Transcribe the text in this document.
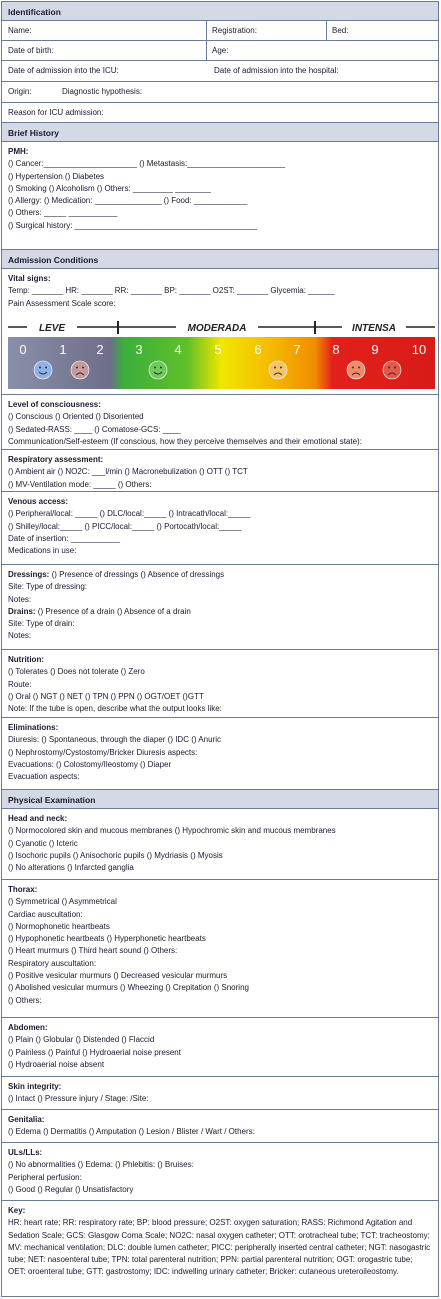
Identification
Name:	Registration:	Bed:
Date of birth:	Age:
Date of admission into the ICU:	Date of admission into the hospital:
Origin:	Diagnostic hypothesis:
Reason for ICU admission:
Brief History
PMH:
() Cancer:_____________________ () Metastasis:______________________
() Hypertension () Diabetes
() Smoking () Alcoholism () Others: _________ ________
() Allergy: () Medication: _______________ () Food: ____________
() Others: _____ ___________
() Surgical history: _________________________________________
Admission Conditions
Vital signs:
Temp: _______ HR: _______ RR: _______ BP: _______ O2ST: _______ Glycemia: ______
Pain Assessment Scale score:
LEVE	MODERADA	INTENSA
0	1 2 3 4	5	6 7 8 9	10
Level of consciousness:
() Conscious () Oriented () Disoriented
() Sedated-RASS: ____ () Comatose-GCS: ____
Communication/Self-esteem (If conscious, how they perceive themselves and their emotional state):
Respiratory assessment:
() Ambient air () NO2C: ___l/min () Macronebulization () OTT () TCT
() MV-Ventilation mode: _____ () Others:
Venous access:
() Peripheral/local: _____ () DLC/local:_____ () Intracath/local:_____
() Shilley/local:_____ () PICC/local:_____ () Portocath/local:_____
Date of insertion: ___________
Medications in use:
Dressings: () Presence of dressings () Absence of dressings
Site: Type of dressing:
Notes:
Drains: () Presence of a drain () Absence of a drain
Site: Type of drain:
Notes:
Nutrition:
() Tolerates () Does not tolerate () Zero
Route:
() Oral () NGT () NET () TPN () PPN () OGT/OET ()GTT
Note: If the tube is open, describe what the output looks like:
Eliminations:
Diuresis: () Spontaneous, through the diaper () IDC () Anuric
() Nephrostomy/Cystostomy/Bricker Diuresis aspects:
Evacuations: () Colostomy/Ileostomy () Diaper
Evacuation aspects:
Physical Examination
Head and neck:
() Normocolored skin and mucous membranes () Hypochromic skin and mucous membranes
() Cyanotic () Icteric
() Isochoric pupils () Anisochoric pupils () Mydriasis () Myosis
() No alterations () Infarcted ganglia
Thorax:
() Symmetrical () Asymmetrical
Cardiac auscultation:
() Normophonetic heartbeats
() Hypophonetic heartbeats () Hyperphonetic heartbeats
() Heart murmurs () Third heart sound () Others:
Respiratory auscultation:
() Positive vesicular murmurs () Decreased vesicular murmurs
() Abolished vesicular murmurs () Wheezing () Crepitation () Snoring
() Others:
Abdomen:
() Plain () Globular () Distended () Flaccid
() Painless () Painful () Hydroaerial noise present
() Hydroaerial noise absent
Skin integrity:
() Intact () Pressure injury / Stage: /Site:
Genitalia:
() Edema () Dermatitis () Amputation () Lesion / Blister / Wart / Others:
ULs/LLs:
() No abnormalities () Edema: () Phlebitis: () Bruises:
Peripheral perfusion:
() Good () Regular () Unsatisfactory
Key:
HR: heart rate; RR: respiratory rate; BP: blood pressure; O2ST: oxygen saturation; RASS: Richmond Agitation and Sedation Scale; GCS: Glasgow Coma Scale; NO2C: nasal oxygen catheter; OTT: orotracheal tube; TCT: tracheostomy; MV: mechanical ventilation; DLC: double lumen catheter; PICC: peripherally inserted central catheter; NGT: nasogastric tube; NET: nasoenteral tube; TPN: total parenteral nutrition; PPN: partial parenteral nutrition; OGT: orogastric tube; OET: oroenteral tube; GTT: gastrostomy; IDC: indwelling urinary catheter; Bricker: cutaneous ureteroileostomy.
